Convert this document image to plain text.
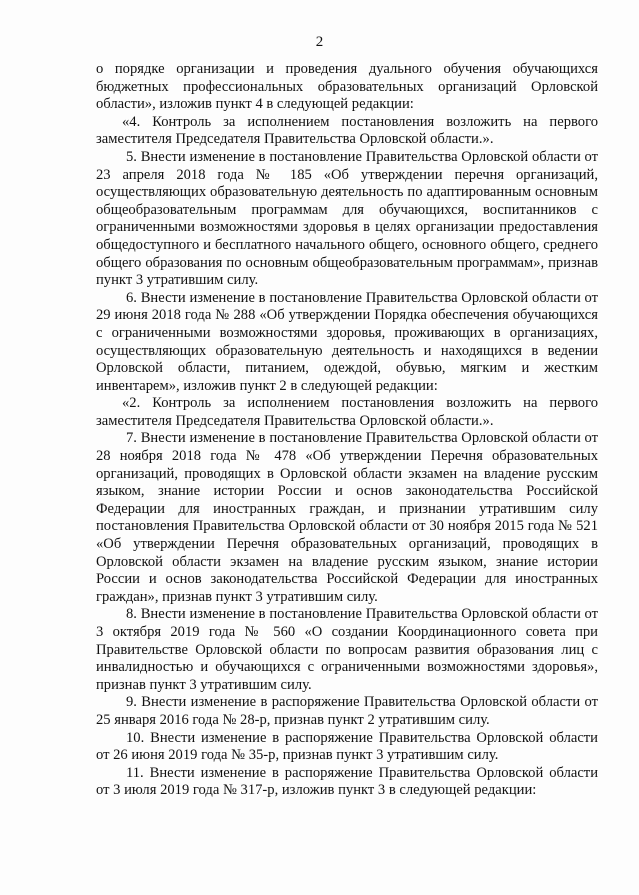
2

о порядке организации и проведения дуального обучения обучающихся бюджетных профессиональных образовательных организаций Орловской области», изложив пункт 4 в следующей редакции:

«4. Контроль за исполнением постановления возложить на первого заместителя Председателя Правительства Орловской области.».

5. Внести изменение в постановление Правительства Орловской области от 23 апреля 2018 года № 185 «Об утверждении перечня организаций, осуществляющих образовательную деятельность по адаптированным основным общеобразовательным программам для обучающихся, воспитанников с ограниченными возможностями здоровья в целях организации предоставления общедоступного и бесплатного начального общего, основного общего, среднего общего образования по основным общеобразовательным программам», признав пункт 3 утратившим силу.

6. Внести изменение в постановление Правительства Орловской области от 29 июня 2018 года № 288 «Об утверждении Порядка обеспечения обучающихся с ограниченными возможностями здоровья, проживающих в организациях, осуществляющих образовательную деятельность и находящихся в ведении Орловской области, питанием, одеждой, обувью, мягким и жестким инвентарем», изложив пункт 2 в следующей редакции:

«2. Контроль за исполнением постановления возложить на первого заместителя Председателя Правительства Орловской области.».

7. Внести изменение в постановление Правительства Орловской области от 28 ноября 2018 года № 478 «Об утверждении Перечня образовательных организаций, проводящих в Орловской области экзамен на владение русским языком, знание истории России и основ законодательства Российской Федерации для иностранных граждан, и признании утратившим силу постановления Правительства Орловской области от 30 ноября 2015 года № 521 «Об утверждении Перечня образовательных организаций, проводящих в Орловской области экзамен на владение русским языком, знание истории России и основ законодательства Российской Федерации для иностранных граждан», признав пункт 3 утратившим силу.

8. Внести изменение в постановление Правительства Орловской области от 3 октября 2019 года № 560 «О создании Координационного совета при Правительстве Орловской области по вопросам развития образования лиц с инвалидностью и обучающихся с ограниченными возможностями здоровья», признав пункт 3 утратившим силу.

9. Внести изменение в распоряжение Правительства Орловской области от 25 января 2016 года № 28-р, признав пункт 2 утратившим силу.

10. Внести изменение в распоряжение Правительства Орловской области от 26 июня 2019 года № 35-р, признав пункт 3 утратившим силу.

11. Внести изменение в распоряжение Правительства Орловской области от 3 июля 2019 года № 317-р, изложив пункт 3 в следующей редакции:
